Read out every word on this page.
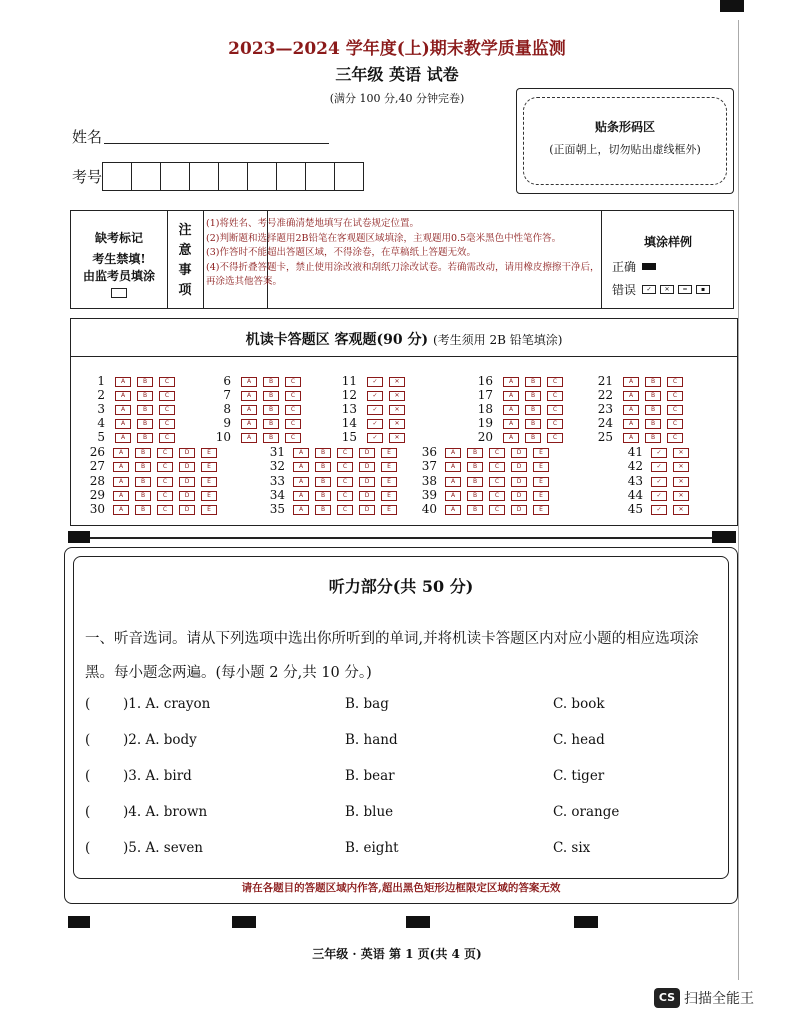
2023—2024 学年度(上)期末教学质量监测
三年级 英语 试卷
(满分 100 分,40 分钟完卷)
贴条形码区
(正面朝上，切勿贴出虚线框外)
姓名
考号
缺考标记
考生禁填!
由监考员填涂
注
意
事
项
(1)将姓名、考号准确清楚地填写在试卷规定位置。
(2)判断题和选择题用2B铅笔在客观题区域填涂，主观题用0.5毫米黑色中性笔作答。
(3)作答时不能超出答题区域，不得涂卷，在草稿纸上答题无效。
(4)不得折叠答题卡，禁止使用涂改液和刮纸刀涂改试卷。若确需改动，请用橡皮擦擦干净后，再涂选其他答案。
填涂样例
正确
错误	✓	✕	=	▪
机读卡答题区 客观题(90 分) (考生须用 2B 铅笔填涂)
1	A	B	C
2	A	B	C
3	A	B	C
4	A	B	C
5	A	B	C
6	A	B	C
7	A	B	C
8	A	B	C
9	A	B	C
10	A	B	C
11	✓	✕
12	✓	✕
13	✓	✕
14	✓	✕
15	✓	✕
16	A	B	C
17	A	B	C
18	A	B	C
19	A	B	C
20	A	B	C
21	A	B	C
22	A	B	C
23	A	B	C
24	A	B	C
25	A	B	C
26	A	B	C	D	E
27	A	B	C	D	E
28	A	B	C	D	E
29	A	B	C	D	E
30	A	B	C	D	E
31	A	B	C	D	E
32	A	B	C	D	E
33	A	B	C	D	E
34	A	B	C	D	E
35	A	B	C	D	E
36	A	B	C	D	E
37	A	B	C	D	E
38	A	B	C	D	E
39	A	B	C	D	E
40	A	B	C	D	E
41	✓	✕
42	✓	✕
43	✓	✕
44	✓	✕
45	✓	✕
听力部分(共 50 分)
一、听音选词。请从下列选项中选出你所听到的单词,并将机读卡答题区内对应小题的相应选项涂黑。每小题念两遍。(每小题 2 分,共 10 分。)
( )1. A. crayon	B. bag	C. book
( )2. A. body	B. hand	C. head
( )3. A. bird	B. bear	C. tiger
( )4. A. brown	B. blue	C. orange
( )5. A. seven	B. eight	C. six
请在各题目的答题区域内作答,超出黑色矩形边框限定区域的答案无效
三年级 · 英语 第 1 页(共 4 页)
CS 扫描全能王
